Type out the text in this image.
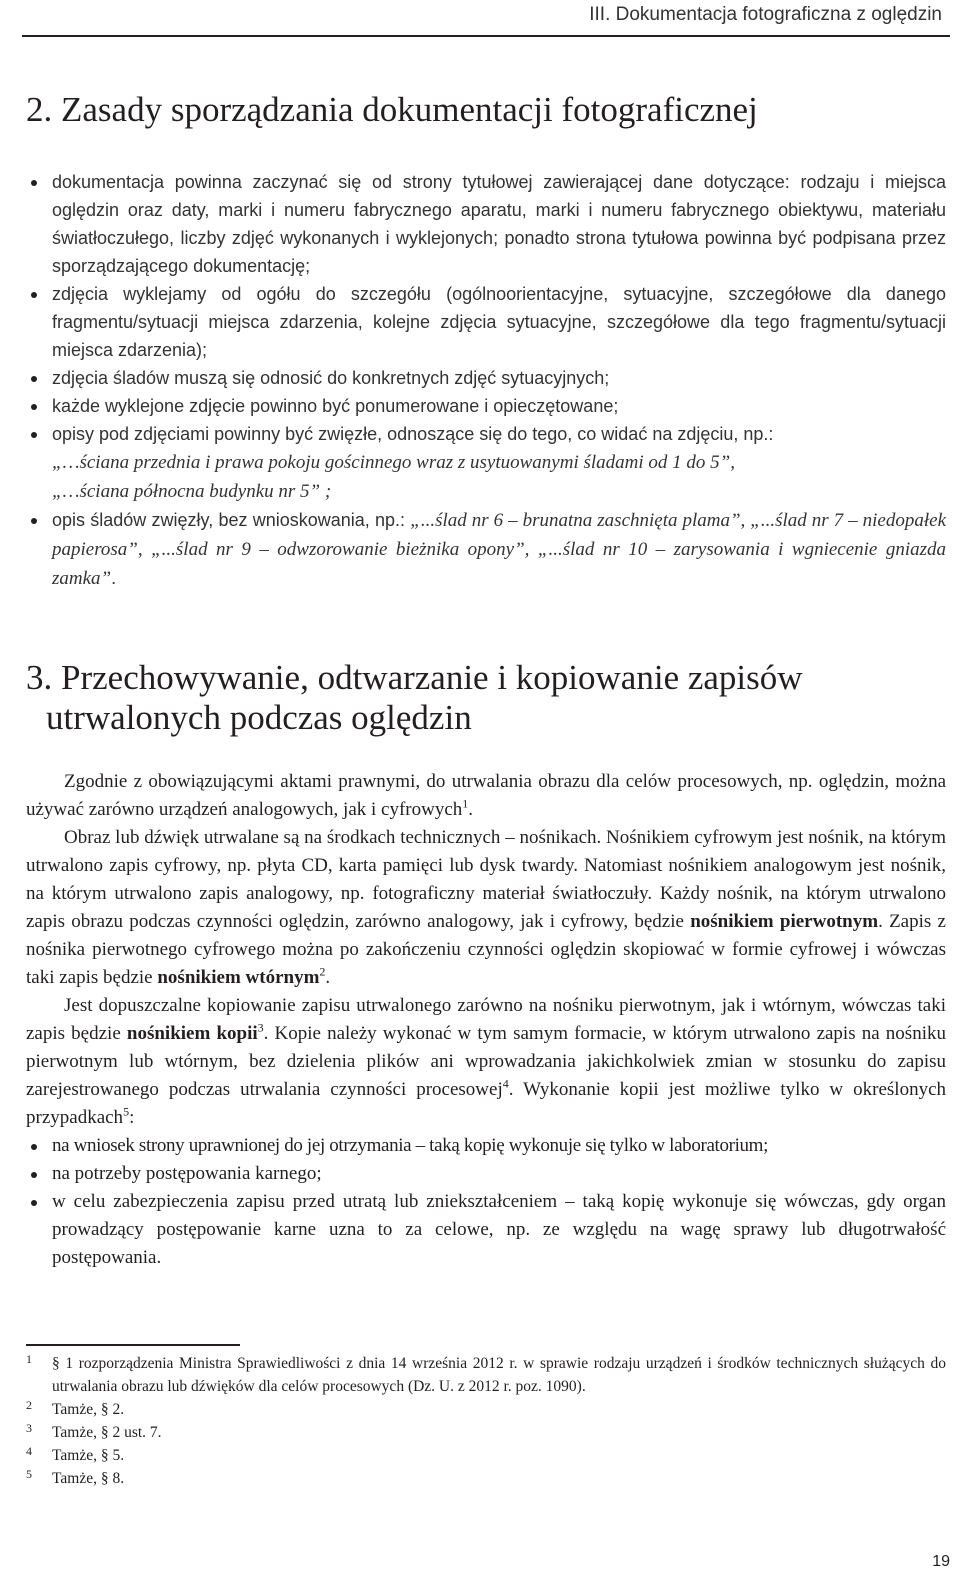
III. Dokumentacja fotograficzna z oględzin
2. Zasady sporządzania dokumentacji fotograficznej
dokumentacja powinna zaczynać się od strony tytułowej zawierającej dane dotyczące: rodzaju i miejsca oględzin oraz daty, marki i numeru fabrycznego aparatu, marki i numeru fabrycznego obiektywu, materiału światłoczułego, liczby zdjęć wykonanych i wyklejonych; ponadto strona tytułowa powinna być podpisana przez sporządzającego dokumentację;
zdjęcia wyklejamy od ogółu do szczegółu (ogólnoorientacyjne, sytuacyjne, szczegółowe dla danego fragmentu/sytuacji miejsca zdarzenia, kolejne zdjęcia sytuacyjne, szczegółowe dla tego fragmentu/sytuacji miejsca zdarzenia);
zdjęcia śladów muszą się odnosić do konkretnych zdjęć sytuacyjnych;
każde wyklejone zdjęcie powinno być ponumerowane i opieczętowane;
opisy pod zdjęciami powinny być zwięzłe, odnoszące się do tego, co widać na zdjęciu, np.:
„…ściana przednia i prawa pokoju gościnnego wraz z usytuowanymi śladami od 1 do 5”,
„…ściana północna budynku nr 5” ;
opis śladów zwięzły, bez wnioskowania, np.: „...ślad nr 6 – brunatna zaschnięta plama”, „...ślad nr 7 – niedopałek papierosa”, „...ślad nr 9 – odwzorowanie bieżnika opony”, „...ślad nr 10 – zarysowania i wgniecenie gniazda zamka”.
3. Przechowywanie, odtwarzanie i kopiowanie zapisów
utrwalonych podczas oględzin

Zgodnie z obowiązującymi aktami prawnymi, do utrwalania obrazu dla celów procesowych, np. oględzin, można używać zarówno urządzeń analogowych, jak i cyfrowych$^1$.

Obraz lub dźwięk utrwalane są na środkach technicznych – nośnikach. Nośnikiem cyfrowym jest nośnik, na którym utrwalono zapis cyfrowy, np. płyta CD, karta pamięci lub dysk twardy. Natomiast nośnikiem analogowym jest nośnik, na którym utrwalono zapis analogowy, np. fotograficzny materiał światłoczuły. Każdy nośnik, na którym utrwalono zapis obrazu podczas czynności oględzin, zarówno analogowy, jak i cyfrowy, będzie nośnikiem pierwotnym. Zapis z nośnika pierwotnego cyfrowego można po zakończeniu czynności oględzin skopiować w formie cyfrowej i wówczas taki zapis będzie nośnikiem wtórnym$^2$.

Jest dopuszczalne kopiowanie zapisu utrwalonego zarówno na nośniku pierwotnym, jak i wtórnym, wówczas taki zapis będzie nośnikiem kopii$^3$. Kopie należy wykonać w tym samym formacie, w którym utrwalono zapis na nośniku pierwotnym lub wtórnym, bez dzielenia plików ani wprowadzania jakichkolwiek zmian w stosunku do zapisu zarejestrowanego podczas utrwalania czynności procesowej$^4$. Wykonanie kopii jest możliwe tylko w określonych przypadkach$^5$:

na wniosek strony uprawnionej do jej otrzymania – taką kopię wykonuje się tylko w laboratorium;
na potrzeby postępowania karnego;
w celu zabezpieczenia zapisu przed utratą lub zniekształceniem – taką kopię wykonuje się wówczas, gdy organ prowadzący postępowanie karne uzna to za celowe, np. ze względu na wagę sprawy lub długotrwałość postępowania.
1 § 1 rozporządzenia Ministra Sprawiedliwości z dnia 14 września 2012 r. w sprawie rodzaju urządzeń i środków technicznych służących do utrwalania obrazu lub dźwięków dla celów procesowych (Dz. U. z 2012 r. poz. 1090).
2 Tamże, § 2.
3 Tamże, § 2 ust. 7.
4 Tamże, § 5.
5 Tamże, § 8.
19
